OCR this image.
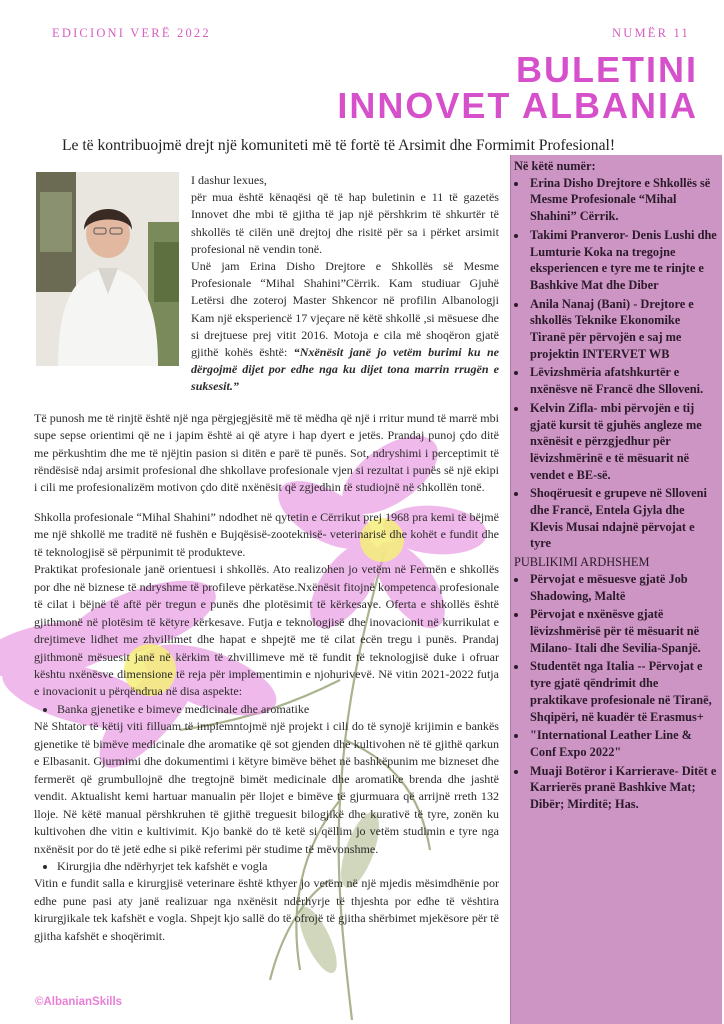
EDICIONI VERË 2022	NUMËR 11
BULETINI
INNOVET ALBANIA
Le të kontribuojmë drejt një komuniteti më të fortë të Arsimit dhe Formimit Profesional!

I dashur lexues,

për mua është kënaqësi që të hap buletinin e 11 të gazetës Innovet dhe mbi të gjitha të jap një përshkrim të shkurtër të shkollës të cilën unë drejtoj dhe risitë për sa i përket arsimit profesional në vendin tonë.

Unë jam Erina Disho Drejtore e Shkollës së Mesme Profesionale “Mihal Shahini”Cërrik. Kam studiuar Gjuhë Letërsi dhe zoteroj Master Shkencor në profilin Albanologji Kam një eksperiencë 17 vjeçare në këtë shkollë ,si mësuese dhe si drejtuese prej vitit 2016. Motoja e cila më shoqëron gjatë gjithë kohës është: “Nxënësit janë jo vetëm burimi ku ne dërgojmë dijet por edhe nga ku dijet tona marrin rrugën e suksesit.”

Të punosh me të rinjtë është një nga përgjegjësitë më të mëdha që një i rritur mund të marrë mbi supe sepse orientimi që ne i japim është ai që atyre i hap dyert e jetës. Prandaj punoj çdo ditë me përkushtim dhe me të njëjtin pasion si ditën e parë të punës. Sot, ndryshimi i perceptimit të rëndësisë ndaj arsimit profesional dhe shkollave profesionale vjen si rezultat i punës së një ekipi i cili me profesionalizëm motivon çdo ditë nxënësit që zgjedhin të studiojnë në shkollën tonë.

Shkolla profesionale “Mihal Shahini” ndodhet në qytetin e Cërrikut prej 1968 pra kemi të bëjmë me një shkollë me traditë në fushën e Bujqësisë-zooteknisë- veterinarisë dhe kohët e fundit dhe të teknologjisë së përpunimit të produkteve.

Praktikat profesionale janë orientuesi i shkollës. Ato realizohen jo vetëm në Fermën e shkollës por dhe në biznese të ndryshme të profileve përkatëse.Nxënësit fitojnë kompetenca profesionale të cilat i bëjnë të aftë për tregun e punës dhe plotësimit të kërkesave. Oferta e shkollës është gjithmonë në plotësim të këtyre kërkesave. Futja e teknologjisë dhe inovacionit në kurrikulat e drejtimeve lidhet me zhvillimet dhe hapat e shpejtë me të cilat ecën tregu i punës. Prandaj gjithmonë mësuesit janë në kërkim të zhvillimeve më të fundit të teknologjisë duke i ofruar kështu nxënësve dimensione të reja për implementimin e njohurivevë. Në vitin 2021-2022 futja e inovacionit u përqëndrua në disa aspekte:

• Banka gjenetike e bimeve medicinale dhe aromatike

Në Shtator të këtij viti filluam të implemntojmë një projekt i cili do të synojë krijimin e bankës gjenetike të bimëve medicinale dhe aromatike që sot gjenden dhe kultivohen në të gjithë qarkun e Elbasanit. Gjurmimi dhe dokumentimi i këtyre bimëve bëhet në bashkëpunim me bizneset dhe fermerët që grumbullojnë dhe tregtojnë bimët medicinale dhe aromatike brenda dhe jashtë vendit. Aktualisht kemi hartuar manualin për llojet e bimëve të gjurmuara që arrijnë rreth 132 lloje. Në këtë manual përshkruhen të gjithë treguesit bilogjikë dhe kurativë të tyre, zonën ku kultivohen dhe vitin e kultivimit. Kjo bankë do të ketë si qëllim jo vetëm studimin e tyre nga nxënësit por do të jetë edhe si pikë referimi për studime të mëvonshme.

• Kirurgjia dhe ndërhyrjet tek kafshët e vogla

Vitin e fundit salla e kirurgjisë veterinare është kthyer jo vetëm në një mjedis mësimdhënie por edhe pune pasi aty janë realizuar nga nxënësit ndërhyrje të thjeshta por edhe të vështira kirurgjikale tek kafshët e vogla. Shpejt kjo sallë do të ofrojë të gjitha shërbimet mjekësore për të gjitha kafshët e shoqërimit.

Në këtë numër:
• Erina Disho Drejtore e Shkollës së Mesme Profesionale “Mihal Shahini” Cërrik.
• Takimi Pranveror- Denis Lushi dhe Lumturie Koka na tregojne eksperiencen e tyre me te rinjte e Bashkive Mat dhe Diber
• Anila Nanaj (Bani) - Drejtore e shkollës Teknike Ekonomike Tiranë për përvojën e saj me projektin INTERVET WB
• Lëvizshmëria afatshkurtër e nxënësve në Francë dhe Slloveni.
• Kelvin Zifla- mbi përvojën e tij gjatë kursit të gjuhës angleze me nxënësit e përzgjedhur për lëvizshmërinë e të mësuarit në vendet e BE-së.
• Shoqëruesit e grupeve në Slloveni dhe Francë, Entela Gjyla dhe Klevis Musai ndajnë përvojat e tyre
PUBLIKIMI ARDHSHEM
• Përvojat e mësuesve gjatë Job Shadowing, Maltë
• Përvojat e nxënësve gjatë lëvizshmërisë për të mësuarit në Milano- Itali dhe Sevilia-Spanjë.
• Studentët nga Italia -- Përvojat e tyre gjatë qëndrimit dhe praktikave profesionale në Tiranë, Shqipëri, në kuadër të Erasmus+
• "International Leather Line & Conf Expo 2022"
• Muaji Botëror i Karrierave- Ditët e Karrierës pranë Bashkive Mat; Dibër; Mirditë; Has.
©AlbanianSkills
